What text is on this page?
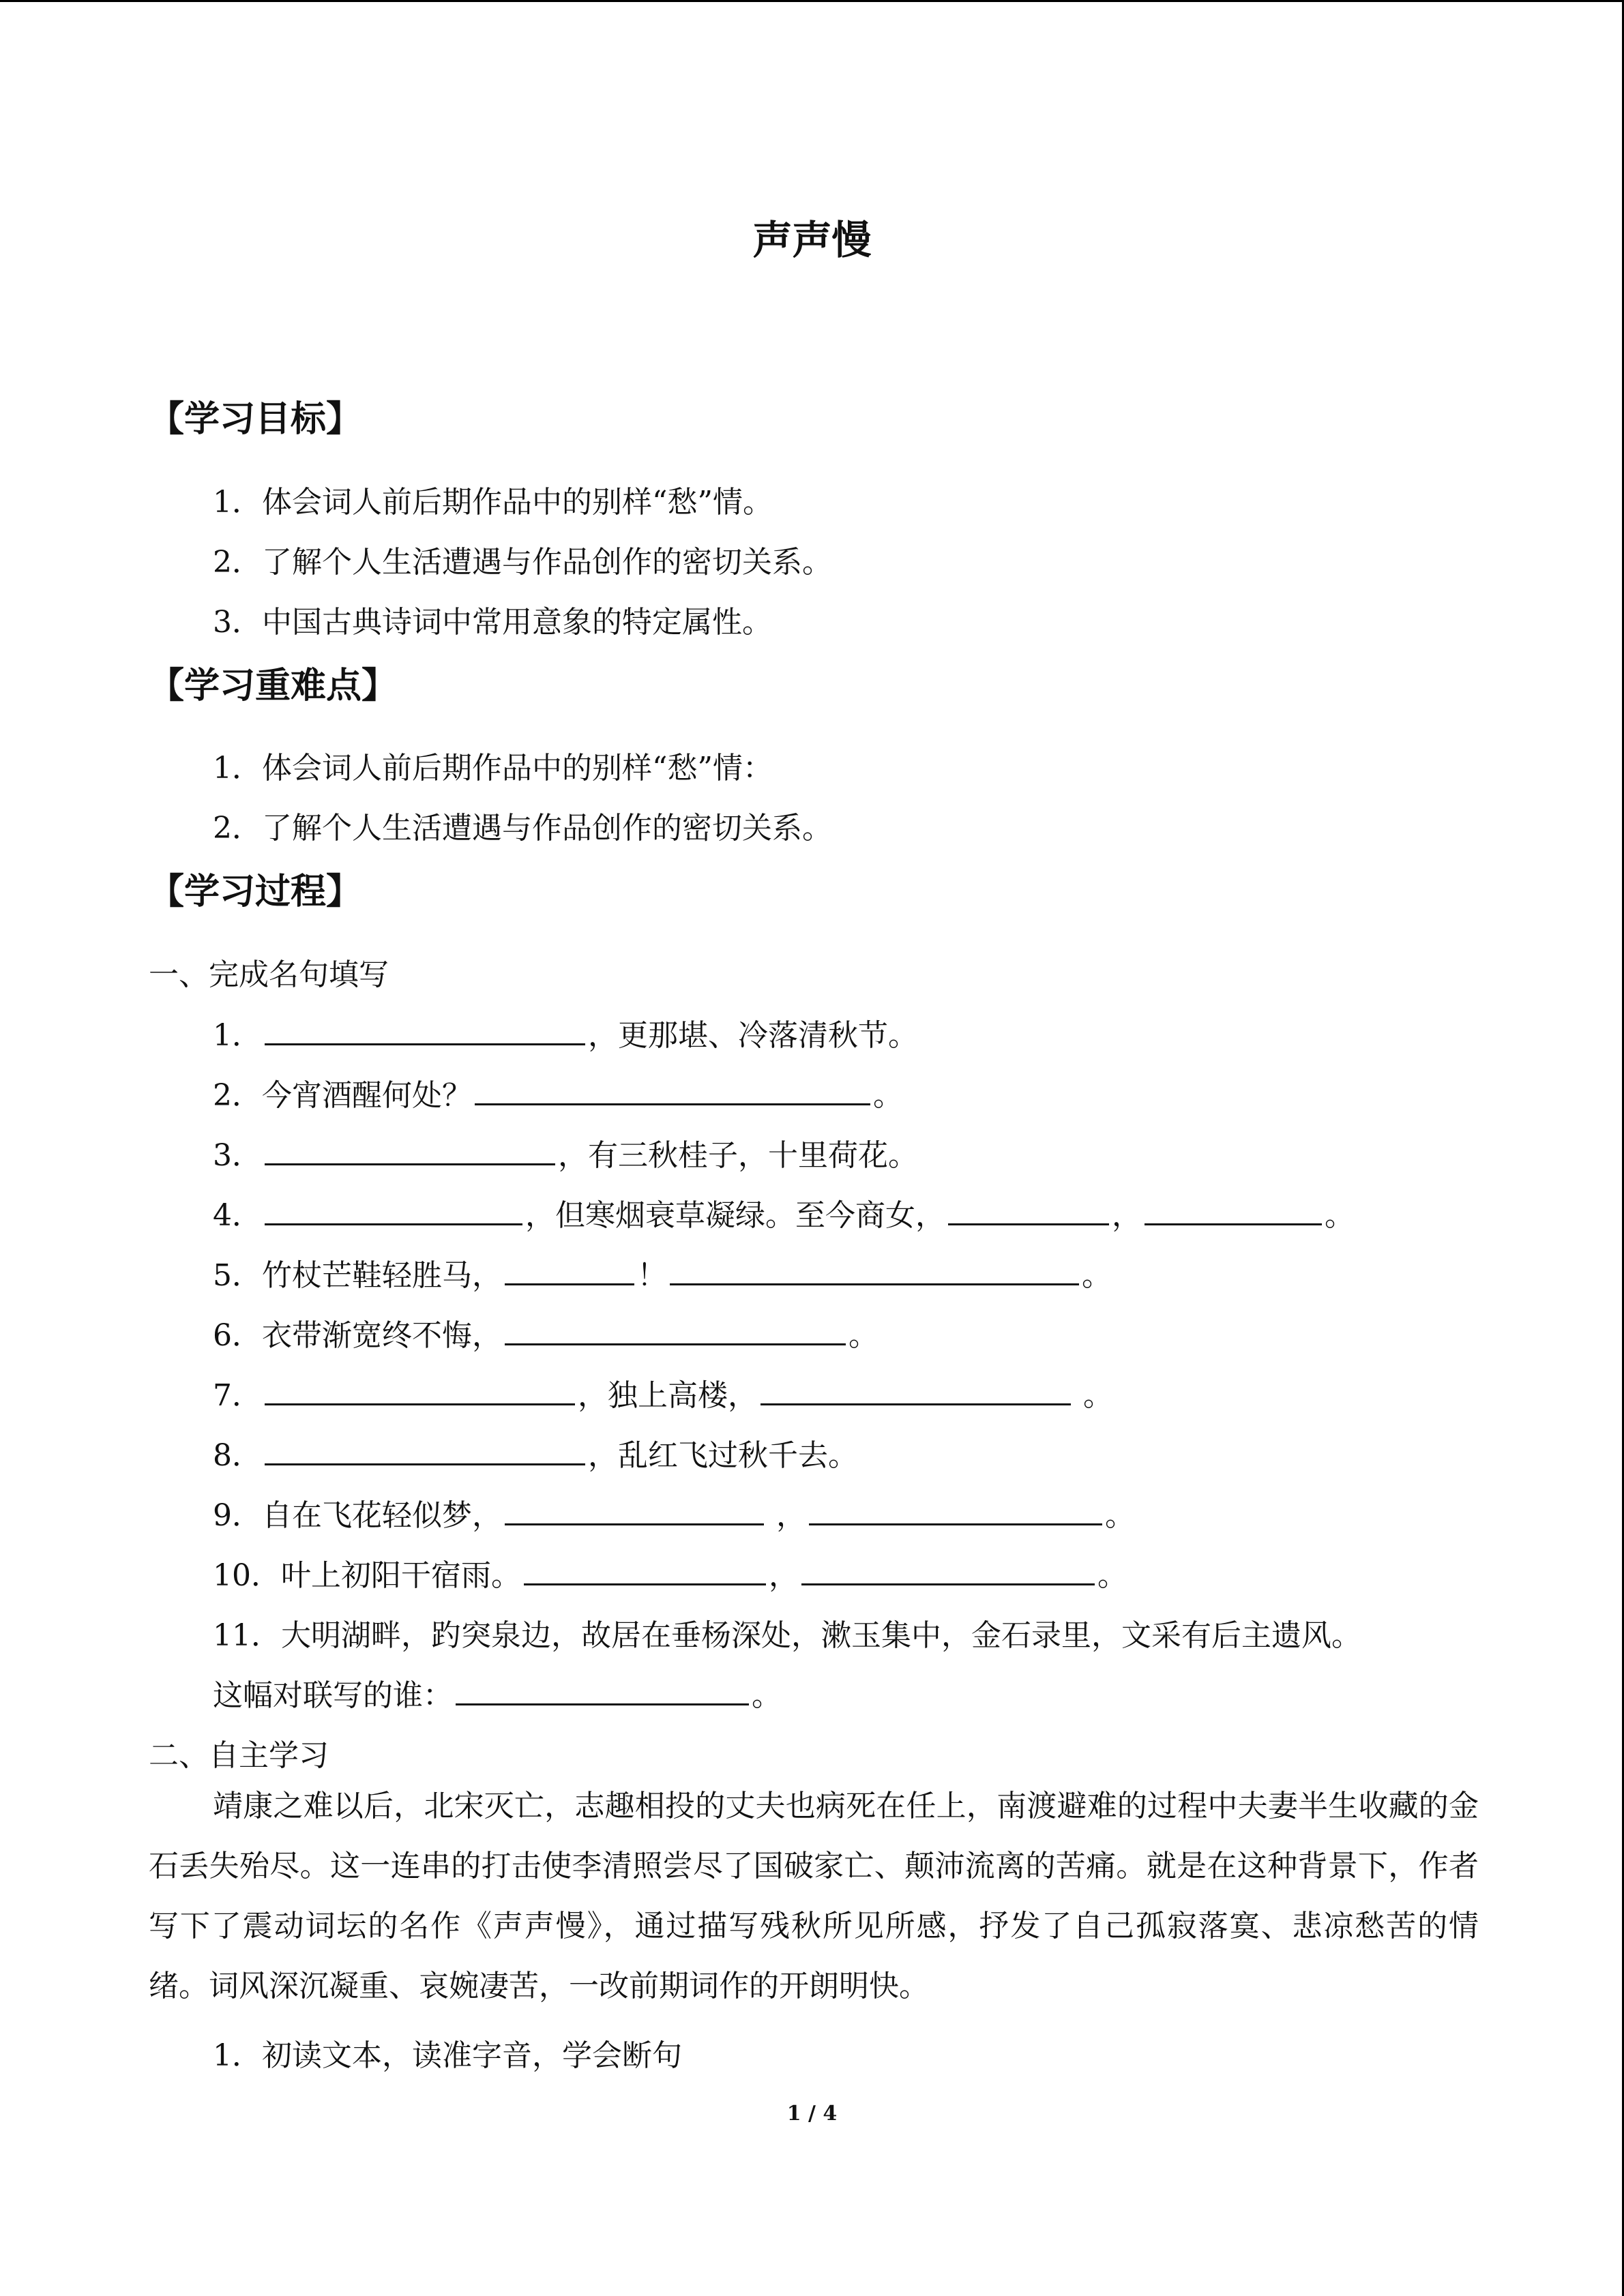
声声慢
【学习目标】
1．体会词人前后期作品中的别样“愁”情。
2．了解个人生活遭遇与作品创作的密切关系。
3．中国古典诗词中常用意象的特定属性。
【学习重难点】
1．体会词人前后期作品中的别样“愁”情：
2．了解个人生活遭遇与作品创作的密切关系。
【学习过程】
一、完成名句填写
1．	，更那堪、冷落清秋节。
2．今宵酒醒何处？	。
3．	，有三秋桂子，十里荷花。
4．	，但寒烟衰草凝绿。至今商女，	，	。
5．竹杖芒鞋轻胜马，	！	。
6．衣带渐宽终不悔，	。
7．	，独上高楼，	。
8．	，乱红飞过秋千去。
9．自在飞花轻似梦，	，	。
10．叶上初阳干宿雨。	，	。
11．大明湖畔，趵突泉边，故居在垂杨深处，漱玉集中，金石录里，文采有后主遗风。
这幅对联写的谁：	。
二、自主学习
靖康之难以后，北宋灭亡，志趣相投的丈夫也病死在任上，南渡避难的过程中夫妻半生收藏的金石丢失殆尽。这一连串的打击使李清照尝尽了国破家亡、颠沛流离的苦痛。就是在这种背景下，作者写下了震动词坛的名作《声声慢》，通过描写残秋所见所感，抒发了自己孤寂落寞、悲凉愁苦的情绪。词风深沉凝重、哀婉凄苦，一改前期词作的开朗明快。
1．初读文本，读准字音，学会断句
1 / 4
